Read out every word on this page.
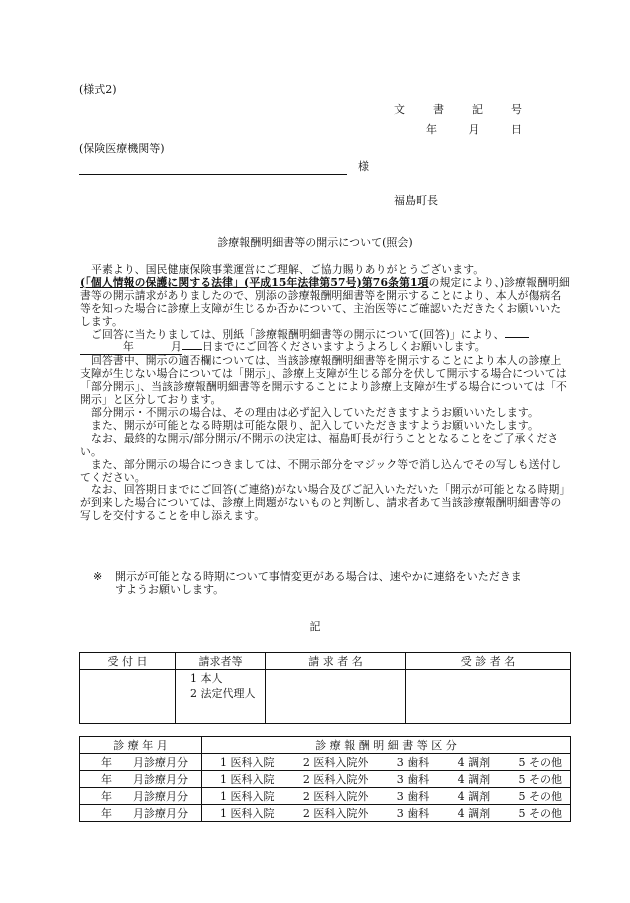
(様式2)
文	書	記	号
年	月	日
(保険医療機関等)
様
福島町長
診療報酬明細書等の開示について(照会)

平素より、国民健康保険事業運営にご理解、ご協力賜りありがとうございます。
(「個人情報の保護に関する法律」(平成15年法律第57号)第76条第1項の規定により、)診療報酬明細書等の開示請求がありましたので、別添の診療報酬明細書等を開示することにより、本人が傷病名等を知った場合に診療上支障が生じるか否かについて、主治医等にご確認いただきたくお願いいたします。

ご回答に当たりましては、別紙「診療報酬明細書等の開示について(回答)」により、
年	月 日までにご回答くださいますようよろしくお願いします。

回答書中、開示の適否欄については、当該診療報酬明細書等を開示することにより本人の診療上支障が生じない場合については「開示」、診療上支障が生じる部分を伏して開示する場合については「部分開示」、当該診療報酬明細書等を開示することにより診療上支障が生ずる場合については「不開示」と区分しております。

部分開示・不開示の場合は、その理由は必ず記入していただきますようお願いいたします。

また、開示が可能となる時期は可能な限り、記入していただきますようお願いいたします。

なお、最終的な開示/部分開示/不開示の決定は、福島町長が行うこととなることをご了承ください。

また、部分開示の場合につきましては、不開示部分をマジック等で消し込んでその写しも送付してください。

なお、回答期日までにご回答(ご連絡)がない場合及びご記入いただいた「開示が可能となる時期」が到来した場合については、診療上問題がないものと判断し、請求者あて当該診療報酬明細書等の写しを交付することを申し添えます。

※ 開示が可能となる時期について事情変更がある場合は、速やかに連絡をいただきま
すようお願いします。
記
受 付 日	請求者等	請 求 者 名	受 診 者 名

	1 本人
2 法定代理人		

診 療 年 月	診 療 報 酬 明 細 書 等 区 分
年 月診療月分	1 医科入院 2 医科入院外 3 歯科 4 調剤 5 その他

年 月診療月分	1 医科入院 2 医科入院外 3 歯科 4 調剤 5 その他

年 月診療月分	1 医科入院 2 医科入院外 3 歯科 4 調剤 5 その他

年 月診療月分	1 医科入院 2 医科入院外 3 歯科 4 調剤 5 その他
